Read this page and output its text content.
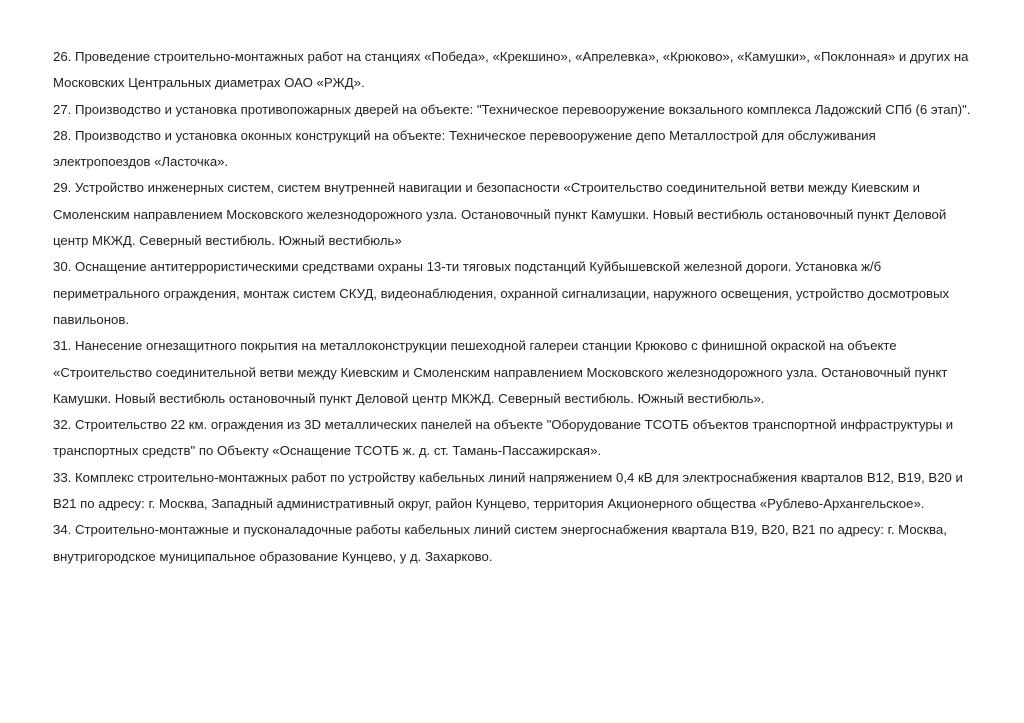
26. Проведение строительно-монтажных работ на станциях «Победа», «Крекшино», «Апрелевка», «Крюково», «Камушки», «Поклонная» и других на Московских Центральных диаметрах ОАО «РЖД».

27. Производство и установка противопожарных дверей на объекте: "Техническое перевооружение вокзального комплекса Ладожский СПб (6 этап)".

28. Производство и установка оконных конструкций на объекте: Техническое перевооружение депо Металлострой для обслуживания электропоездов «Ласточка».

29. Устройство инженерных систем, систем внутренней навигации и безопасности «Строительство соединительной ветви между Киевским и Смоленским направлением Московского железнодорожного узла. Остановочный пункт Камушки. Новый вестибюль остановочный пункт Деловой центр МКЖД. Северный вестибюль. Южный вестибюль»

30. Оснащение антитеррористическими средствами охраны 13-ти тяговых подстанций Куйбышевской железной дороги. Установка ж/б периметрального ограждения, монтаж систем СКУД, видеонаблюдения, охранной сигнализации, наружного освещения, устройство досмотровых павильонов.

31. Нанесение огнезащитного покрытия на металлоконструкции пешеходной галереи станции Крюково с финишной окраской на объекте «Строительство соединительной ветви между Киевским и Смоленским направлением Московского железнодорожного узла. Остановочный пункт Камушки. Новый вестибюль остановочный пункт Деловой центр МКЖД. Северный вестибюль. Южный вестибюль».

32. Строительство 22 км. ограждения из 3D металлических панелей на объекте "Оборудование ТСОТБ объектов транспортной инфраструктуры и транспортных средств" по Объекту «Оснащение ТСОТБ ж. д. ст. Тамань-Пассажирская».

33. Комплекс строительно-монтажных работ по устройству кабельных линий напряжением 0,4 кВ для электроснабжения кварталов В12, В19, В20 и В21 по адресу: г. Москва, Западный административный округ, район Кунцево, территория Акционерного общества «Рублево-Архангельское».

34. Строительно-монтажные и пусконаладочные работы кабельных линий систем энергоснабжения квартала В19, В20, В21 по адресу: г. Москва, внутригородское муниципальное образование Кунцево, у д. Захарково.
